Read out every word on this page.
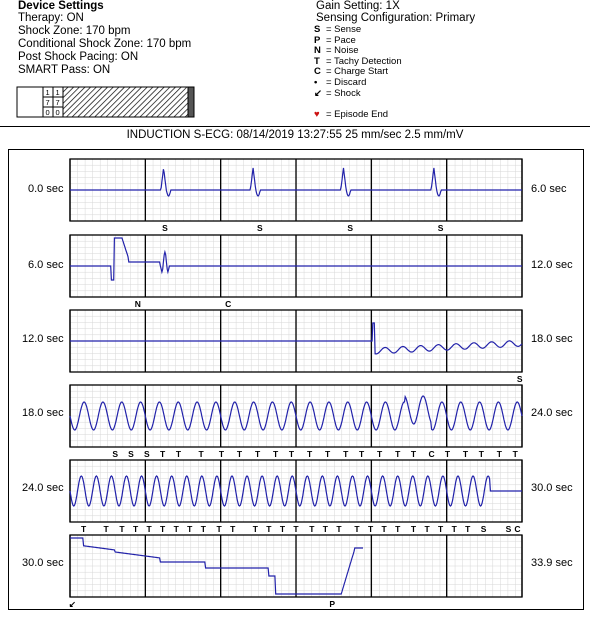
Device Settings
Therapy: ON
Shock Zone: 170 bpm
Conditional Shock Zone: 170 bpm
Post Shock Pacing: ON
SMART Pass: ON
1
7
0
1
7
0
Gain Setting: 1X
Sensing Configuration: Primary
S = Sense
P = Pace
N = Noise
T = Tachy Detection
C = Charge Start
• = Discard
↙ = Shock
♥ = Episode End
INDUCTION S-ECG: 08/14/2019 13:27:55 25 mm/sec 2.5 mm/mV
0.0 sec	6.0 sec
6.0 sec	12.0 sec
12.0 sec	18.0 sec
18.0 sec	24.0 sec
24.0 sec	30.0 sec
30.0 sec	33.9 sec
S	S	S	S
N	C
S
S S S T T T T T T T T T T T T T T T C T T T T T
T T T T T T T T T T T T T T T T T T T T T T T T T T T S S C
↙	P
